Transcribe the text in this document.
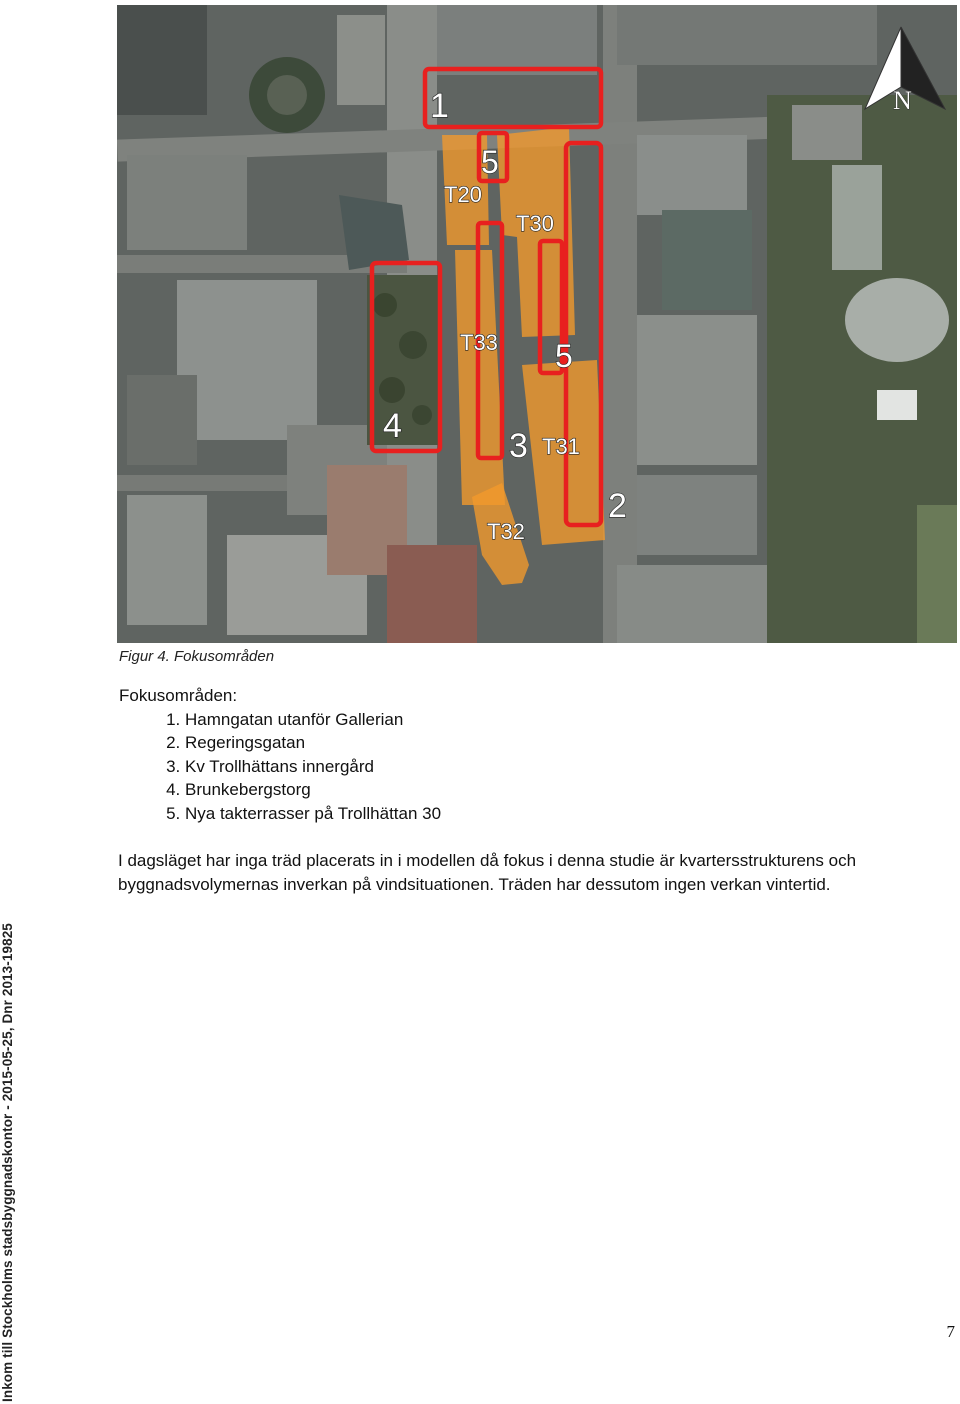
1
2
3
4
5
5
T20
T30
T33
T31
T32
N
Figur 4. Fokusområden
Fokusområden:
1. Hamngatan utanför Gallerian
2. Regeringsgatan
3. Kv Trollhättans innergård
4. Brunkebergstorg
5. Nya takterrasser på Trollhättan 30
I dagsläget har inga träd placerats in i modellen då fokus i denna studie är kvartersstrukturens och byggnadsvolymernas inverkan på vindsituationen. Träden har dessutom ingen verkan vintertid.
Inkom till Stockholms stadsbyggnadskontor - 2015-05-25, Dnr 2013-19825	7
